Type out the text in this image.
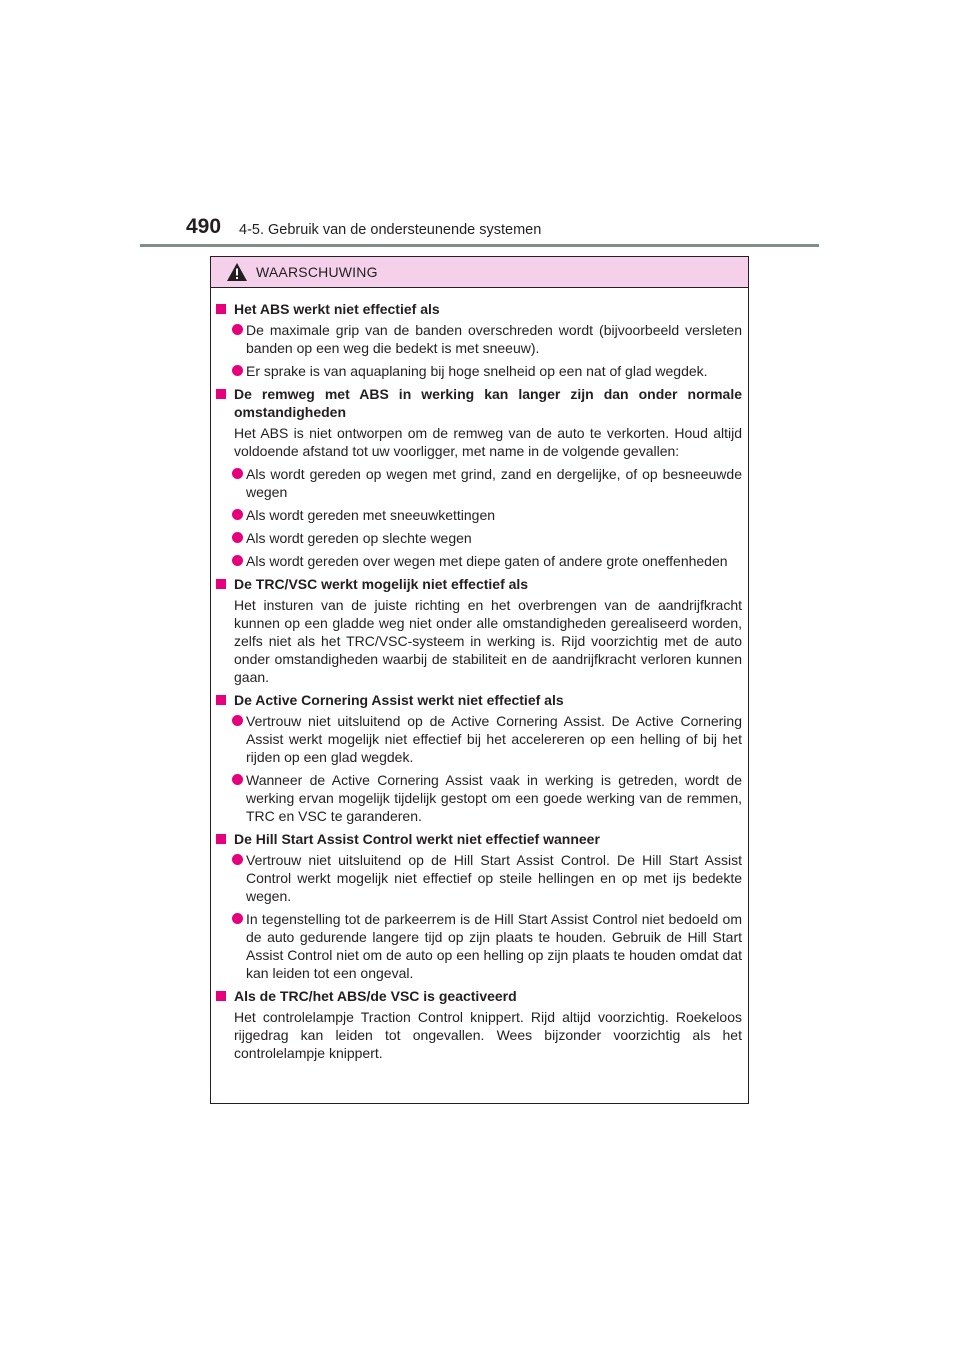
490 4-5. Gebruik van de ondersteunende systemen
WAARSCHUWING
Het ABS werkt niet effectief als
De maximale grip van de banden overschreden wordt (bijvoorbeeld versleten banden op een weg die bedekt is met sneeuw).
Er sprake is van aquaplaning bij hoge snelheid op een nat of glad wegdek.
De remweg met ABS in werking kan langer zijn dan onder normale omstandigheden
Het ABS is niet ontworpen om de remweg van de auto te verkorten. Houd altijd voldoende afstand tot uw voorligger, met name in de volgende gevallen:
Als wordt gereden op wegen met grind, zand en dergelijke, of op besneeuwde wegen
Als wordt gereden met sneeuwkettingen
Als wordt gereden op slechte wegen
Als wordt gereden over wegen met diepe gaten of andere grote oneffenheden
De TRC/VSC werkt mogelijk niet effectief als
Het insturen van de juiste richting en het overbrengen van de aandrijfkracht kunnen op een gladde weg niet onder alle omstandigheden gerealiseerd worden, zelfs niet als het TRC/VSC-systeem in werking is. Rijd voorzichtig met de auto onder omstandigheden waarbij de stabiliteit en de aandrijfkracht verloren kunnen gaan.
De Active Cornering Assist werkt niet effectief als
Vertrouw niet uitsluitend op de Active Cornering Assist. De Active Cornering Assist werkt mogelijk niet effectief bij het accelereren op een helling of bij het rijden op een glad wegdek.
Wanneer de Active Cornering Assist vaak in werking is getreden, wordt de werking ervan mogelijk tijdelijk gestopt om een goede werking van de remmen, TRC en VSC te garanderen.
De Hill Start Assist Control werkt niet effectief wanneer
Vertrouw niet uitsluitend op de Hill Start Assist Control. De Hill Start Assist Control werkt mogelijk niet effectief op steile hellingen en op met ijs bedekte wegen.
In tegenstelling tot de parkeerrem is de Hill Start Assist Control niet bedoeld om de auto gedurende langere tijd op zijn plaats te houden. Gebruik de Hill Start Assist Control niet om de auto op een helling op zijn plaats te houden omdat dat kan leiden tot een ongeval.
Als de TRC/het ABS/de VSC is geactiveerd
Het controlelampje Traction Control knippert. Rijd altijd voorzichtig. Roekeloos rijgedrag kan leiden tot ongevallen. Wees bijzonder voorzichtig als het controlelampje knippert.
